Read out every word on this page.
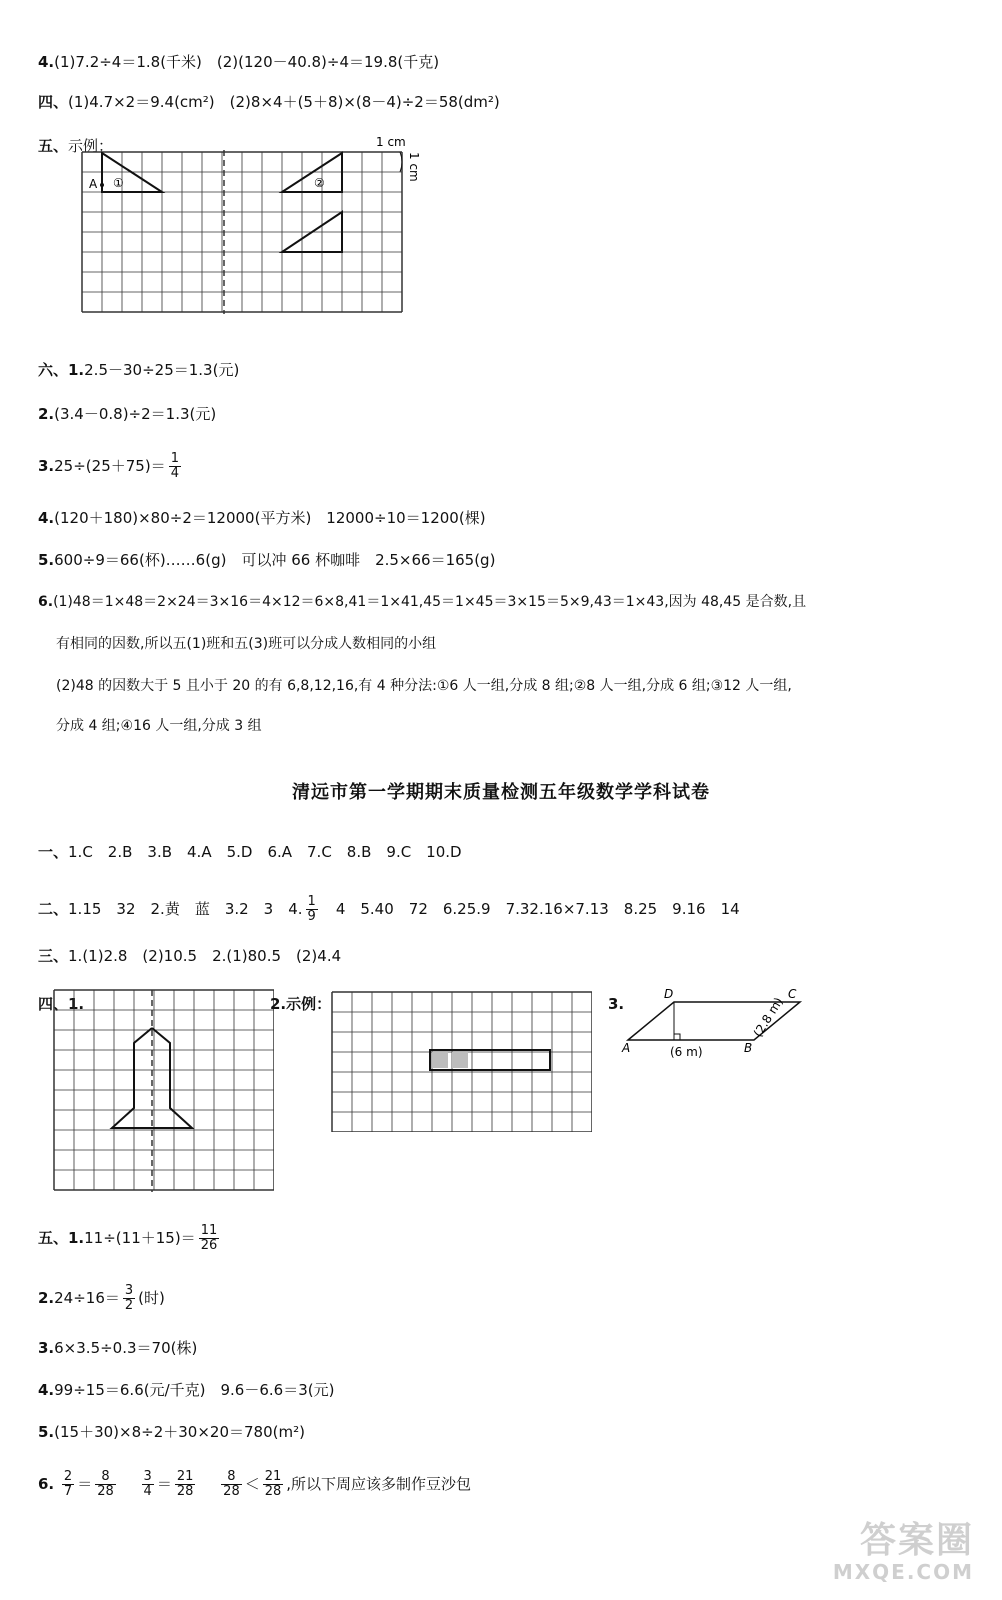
4.(1)7.2÷4＝1.8(千米)　(2)(120－40.8)÷4＝19.8(千克)
四、(1)4.7×2＝9.4(cm²)　(2)8×4＋(5＋8)×(8－4)÷2＝58(dm²)
五、示例：
A ①	②
1 cm
1 cm
六、1.2.5－30÷25＝1.3(元)
2.(3.4－0.8)÷2＝1.3(元)
$3.25\div(25+75)= \frac{1}{4}$
4.(120＋180)×80÷2＝12000(平方米)　12000÷10＝1200(棵)
5.600÷9＝66(杯)……6(g)　可以冲 66 杯咖啡　2.5×66＝165(g)
6.(1)48＝1×48＝2×24＝3×16＝4×12＝6×8,41＝1×41,45＝1×45＝3×15＝5×9,43＝1×43,因为 48,45 是合数,且
有相同的因数,所以五(1)班和五(3)班可以分成人数相同的小组
(2)48 的因数大于 5 且小于 20 的有 6,8,12,16,有 4 种分法:①6 人一组,分成 8 组;②8 人一组,分成 6 组;③12 人一组,
分成 4 组;④16 人一组,分成 3 组
清远市第一学期期末质量检测五年级数学学科试卷
一、1.C　2.B　3.B　4.A　5.D　6.A　7.C　8.B　9.C　10.D
二、1.15　32　2.黄　蓝　3.2　3　4. $\frac{1}{9}$
　 4　5.40　72　6.25.9　7.32.16×7.13　8.25　9.16　14
三、1.(1)2.8　(2)10.5　2.(1)80.5　(2)4.4
四、1.	2.示例：	3.
A	B
C
D
(6 m)
(2.8 m)
五、$1.11\div(11+15)= \frac{11}{26}$
$2.24\div 16= \frac{3}{2}$ (时)
3.6×3.5÷0.3＝70(株)
4.99÷15＝6.6(元/千克)　9.6－6.6＝3(元)
5.(15＋30)×8÷2＋30×20＝780(m²)
6. $\frac{2}{7} = \frac{8}{28}$
　 $\frac{3}{4} = \frac{21}{28}$
　 $\frac{8}{28} < \frac{21}{28}$ ,所以下周应该多制作豆沙包
答案圈
MXQE.COM
